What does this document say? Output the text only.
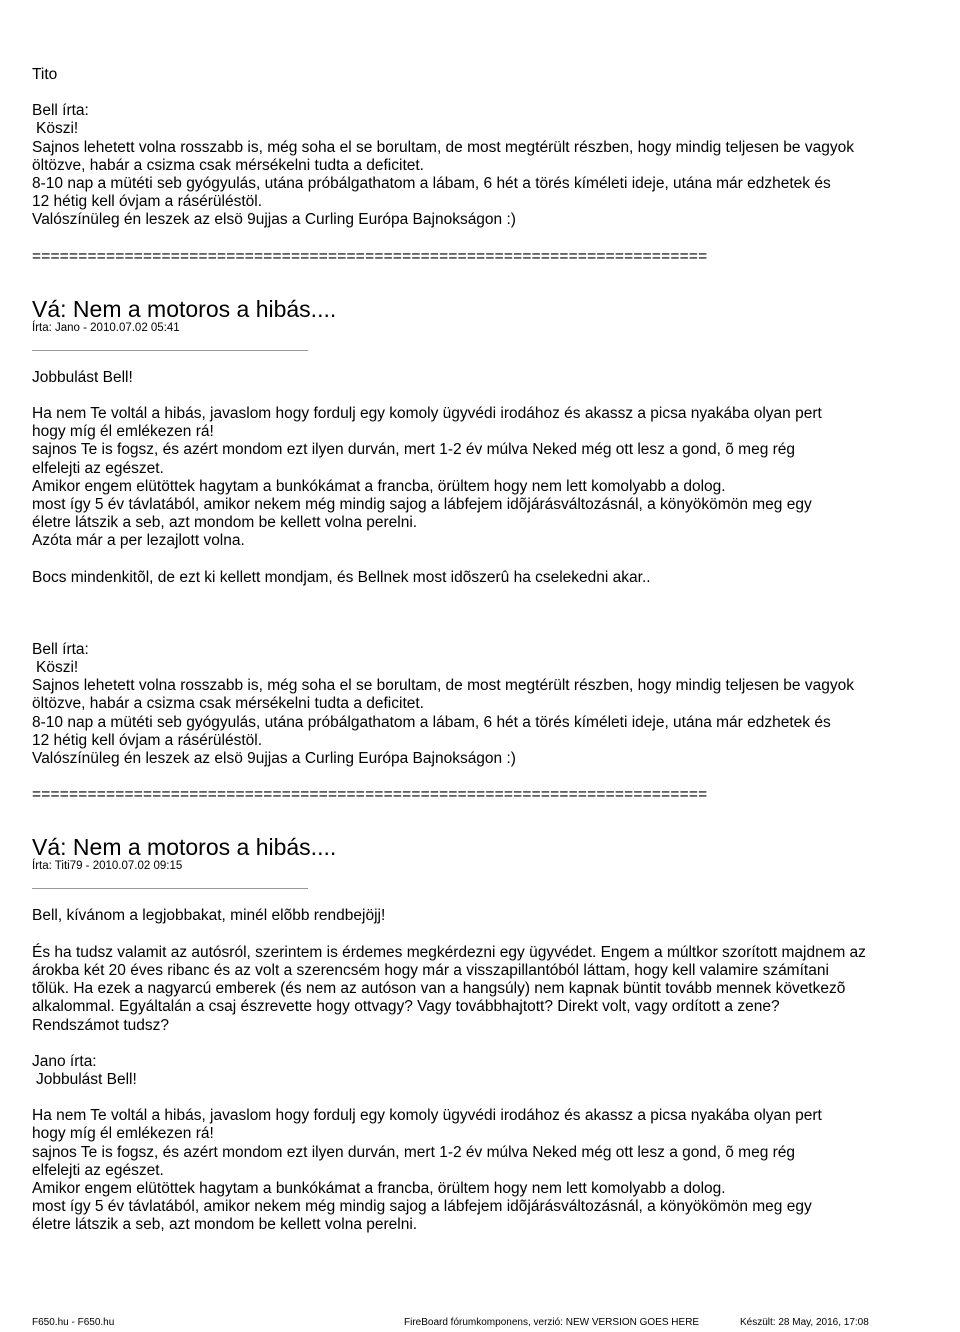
Tito
Bell írta:
Köszi!
Sajnos lehetett volna rosszabb is, még soha el se borultam, de most megtérült részben, hogy mindig teljesen be vagyok
öltözve, habár a csizma csak mérsékelni tudta a deficitet.
8-10 nap a mütéti seb gyógyulás, utána próbálgathatom a lábam, 6 hét a törés kíméleti ideje, utána már edzhetek és
12 hétig kell óvjam a rásérüléstöl.
Valószínüleg én leszek az elsö 9ujjas a Curling Európa Bajnokságon :)
=========================================================================
Vá: Nem a motoros a hibás....
Írta: Jano - 2010.07.02 05:41
Jobbulást Bell!
Ha nem Te voltál a hibás, javaslom hogy fordulj egy komoly ügyvédi irodához és akassz a picsa nyakába olyan pert
hogy míg él emlékezen rá!
sajnos Te is fogsz, és azért mondom ezt ilyen durván, mert 1-2 év múlva Neked még ott lesz a gond, õ meg rég
elfelejti az egészet.
Amikor engem elütöttek hagytam a bunkókámat a francba, örültem hogy nem lett komolyabb a dolog.
most így 5 év távlatából, amikor nekem még mindig sajog a lábfejem idõjárásváltozásnál, a könyökömön meg egy
életre látszik a seb, azt mondom be kellett volna perelni.
Azóta már a per lezajlott volna.
Bocs mindenkitõl, de ezt ki kellett mondjam, és Bellnek most idõszerû ha cselekedni akar..
Bell írta:
Köszi!
Sajnos lehetett volna rosszabb is, még soha el se borultam, de most megtérült részben, hogy mindig teljesen be vagyok
öltözve, habár a csizma csak mérsékelni tudta a deficitet.
8-10 nap a mütéti seb gyógyulás, utána próbálgathatom a lábam, 6 hét a törés kíméleti ideje, utána már edzhetek és
12 hétig kell óvjam a rásérüléstöl.
Valószínüleg én leszek az elsö 9ujjas a Curling Európa Bajnokságon :)
=========================================================================
Vá: Nem a motoros a hibás....
Írta: Titi79 - 2010.07.02 09:15
Bell, kívánom a legjobbakat, minél elõbb rendbejöjj!
És ha tudsz valamit az autósról, szerintem is érdemes megkérdezni egy ügyvédet. Engem a múltkor szorított majdnem az
árokba két 20 éves ribanc és az volt a szerencsém hogy már a visszapillantóból láttam, hogy kell valamire számítani
tõlük. Ha ezek a nagyarcú emberek (és nem az autóson van a hangsúly) nem kapnak büntit tovább mennek következõ
alkalommal. Egyáltalán a csaj észrevette hogy ottvagy? Vagy továbbhajtott? Direkt volt, vagy ordított a zene?
Rendszámot tudsz?
Jano írta:
Jobbulást Bell!
Ha nem Te voltál a hibás, javaslom hogy fordulj egy komoly ügyvédi irodához és akassz a picsa nyakába olyan pert
hogy míg él emlékezen rá!
sajnos Te is fogsz, és azért mondom ezt ilyen durván, mert 1-2 év múlva Neked még ott lesz a gond, õ meg rég
elfelejti az egészet.
Amikor engem elütöttek hagytam a bunkókámat a francba, örültem hogy nem lett komolyabb a dolog.
most így 5 év távlatából, amikor nekem még mindig sajog a lábfejem idõjárásváltozásnál, a könyökömön meg egy
életre látszik a seb, azt mondom be kellett volna perelni.
F650.hu - F650.hu	FireBoard fórumkomponens, verzió: NEW VERSION GOES HERE	Készült: 28 May, 2016, 17:08
